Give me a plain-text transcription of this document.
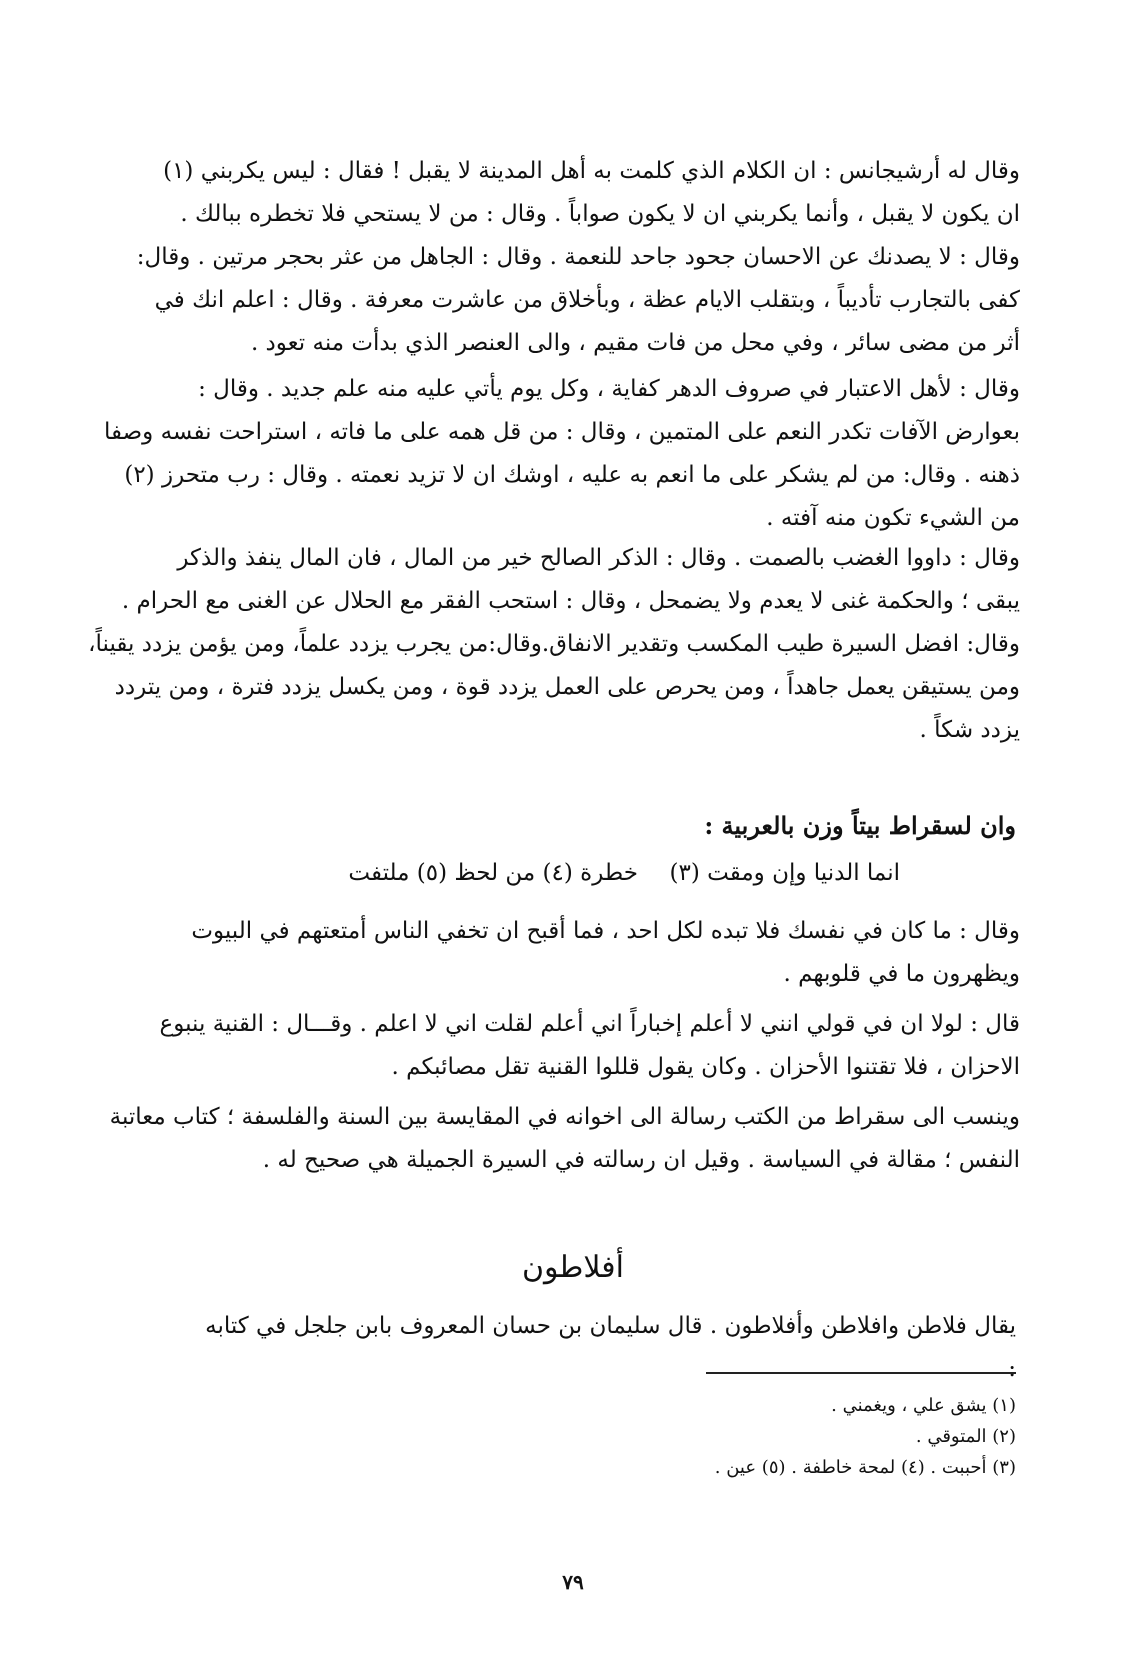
وقال له أرشيجانس : ان الكلام الذي كلمت به أهل المدينة لا يقبل ! فقال : ليس يكربني (١)
ان يكون لا يقبل ، وأنما يكربني ان لا يكون صواباً . وقال : من لا يستحي فلا تخطره ببالك .
وقال : لا يصدنك عن الاحسان جحود جاحد للنعمة . وقال : الجاهل من عثر بحجر مرتين . وقال:
كفى بالتجارب تأديباً ، وبتقلب الايام عظة ، وبأخلاق من عاشرت معرفة . وقال : اعلم انك في
أثر من مضى سائر ، وفي محل من فات مقيم ، والى العنصر الذي بدأت منه تعود .
وقال : لأهل الاعتبار في صروف الدهر كفاية ، وكل يوم يأتي عليه منه علم جديد . وقال :
بعوارض الآفات تكدر النعم على المتمين ، وقال : من قل همه على ما فاته ، استراحت نفسه وصفا
ذهنه . وقال: من لم يشكر على ما انعم به عليه ، اوشك ان لا تزيد نعمته . وقال : رب متحرز (٢)
من الشيء تكون منه آفته .
وقال : داووا الغضب بالصمت . وقال : الذكر الصالح خير من المال ، فان المال ينفذ والذكر
يبقى ؛ والحكمة غنى لا يعدم ولا يضمحل ، وقال : استحب الفقر مع الحلال عن الغنى مع الحرام .
وقال: افضل السيرة طيب المكسب وتقدير الانفاق.وقال:من يجرب يزدد علماً، ومن يؤمن يزدد يقيناً،
ومن يستيقن يعمل جاهداً ، ومن يحرص على العمل يزدد قوة ، ومن يكسل يزدد فترة ، ومن يتردد
يزدد شكاً .
وان لسقراط بيتاً وزن بالعربية :
انما الدنيا وإن ومقت (٣)
خطرة (٤) من لحظ (٥) ملتفت
وقال : ما كان في نفسك فلا تبده لكل احد ، فما أقبح ان تخفي الناس أمتعتهم في البيوت
ويظهرون ما في قلوبهم .
قال : لولا ان في قولي انني لا أعلم إخباراً اني أعلم لقلت اني لا اعلم . وقـــال : القنية ينبوع
الاحزان ، فلا تقتنوا الأحزان . وكان يقول قللوا القنية تقل مصائبكم .
وينسب الى سقراط من الكتب رسالة الى اخوانه في المقايسة بين السنة والفلسفة ؛ كتاب معاتبة
النفس ؛ مقالة في السياسة . وقيل ان رسالته في السيرة الجميلة هي صحيح له .
أفلاطون
يقال فلاطن وافلاطن وأفلاطون . قال سليمان بن حسان المعروف بابن جلجل في كتابه :
(١) يشق علي ، ويغمني .
(٢) المتوقي .
(٣) أحببت . (٤) لمحة خاطفة . (٥) عين .
٧٩
